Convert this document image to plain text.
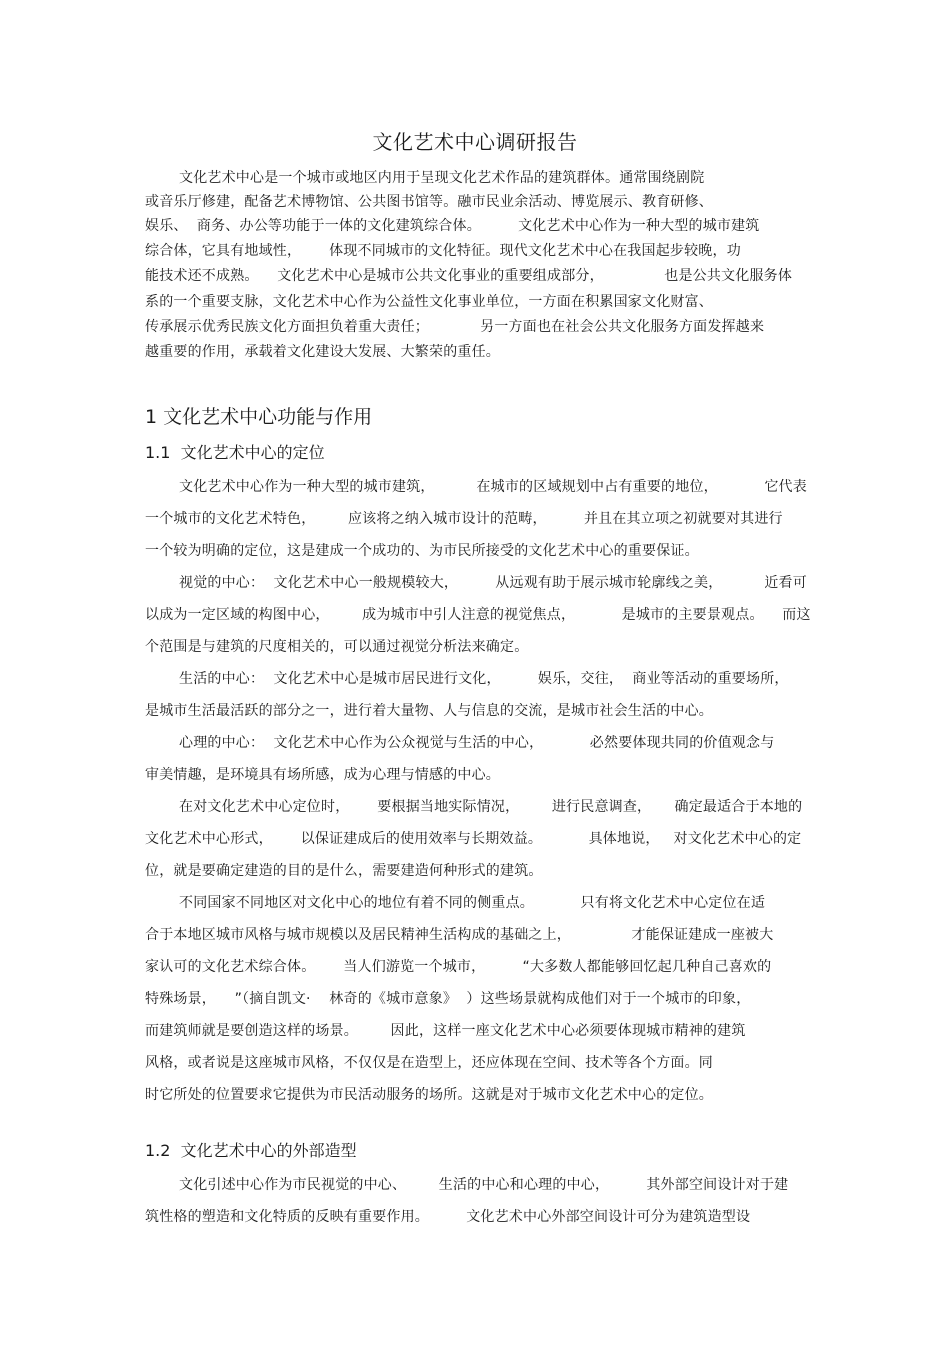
文化艺术中心调研报告
文化艺术中心是一个城市或地区内用于呈现文化艺术作品的建筑群体。通常围绕剧院
或音乐厅修建，配备艺术博物馆、公共图书馆等。融市民业余活动、博览展示、教育研修、
娱乐、  商务、办公等功能于一体的文化建筑综合体。        文化艺术中心作为一种大型的城市建筑
综合体，它具有地域性，      体现不同城市的文化特征。现代文化艺术中心在我国起步较晚，功
能技术还不成熟。    文化艺术中心是城市公共文化事业的重要组成部分，             也是公共文化服务体
系的一个重要支脉，文化艺术中心作为公益性文化事业单位，一方面在积累国家文化财富、
传承展示优秀民族文化方面担负着重大责任；           另一方面也在社会公共文化服务方面发挥越来
越重要的作用，承载着文化建设大发展、大繁荣的重任。
1 文化艺术中心功能与作用
1.1  文化艺术中心的定位
文化艺术中心作为一种大型的城市建筑，         在城市的区域规划中占有重要的地位，          它代表
一个城市的文化艺术特色，       应该将之纳入城市设计的范畴，        并且在其立项之初就要对其进行
一个较为明确的定位，这是建成一个成功的、为市民所接受的文化艺术中心的重要保证。
视觉的中心：  文化艺术中心一般规模较大，        从远观有助于展示城市轮廓线之美，         近看可
以成为一定区域的构图中心，       成为城市中引人注意的视觉焦点，          是城市的主要景观点。    而这
个范围是与建筑的尺度相关的，可以通过视觉分析法来确定。
生活的中心：  文化艺术中心是城市居民进行文化，        娱乐，交往，  商业等活动的重要场所，
是城市生活最活跃的部分之一，进行着大量物、人与信息的交流，是城市社会生活的中心。
心理的中心：  文化艺术中心作为公众视觉与生活的中心，          必然要体现共同的价值观念与
审美情趣，是环境具有场所感，成为心理与情感的中心。
在对文化艺术中心定位时，      要根据当地实际情况，       进行民意调查，     确定最适合于本地的
文化艺术中心形式，      以保证建成后的使用效率与长期效益。          具体地说，   对文化艺术中心的定
位，就是要确定建造的目的是什么，需要建造何种形式的建筑。
不同国家不同地区对文化中心的地位有着不同的侧重点。          只有将文化艺术中心定位在适
合于本地区城市风格与城市规模以及居民精神生活构成的基础之上，             才能保证建成一座被大
家认可的文化艺术综合体。      当人们游览一个城市，        “大多数人都能够回忆起几种自己喜欢的
特殊场景，    ”（摘自凯文·    林奇的《城市意象》  ）这些场景就构成他们对于一个城市的印象，
而建筑师就是要创造这样的场景。       因此，这样一座文化艺术中心必须要体现城市精神的建筑
风格，或者说是这座城市风格，不仅仅是在造型上，还应体现在空间、技术等各个方面。同
时它所处的位置要求它提供为市民活动服务的场所。这就是对于城市文化艺术中心的定位。
1.2  文化艺术中心的外部造型
文化引述中心作为市民视觉的中心、       生活的中心和心理的中心，        其外部空间设计对于建
筑性格的塑造和文化特质的反映有重要作用。        文化艺术中心外部空间设计可分为建筑造型设
